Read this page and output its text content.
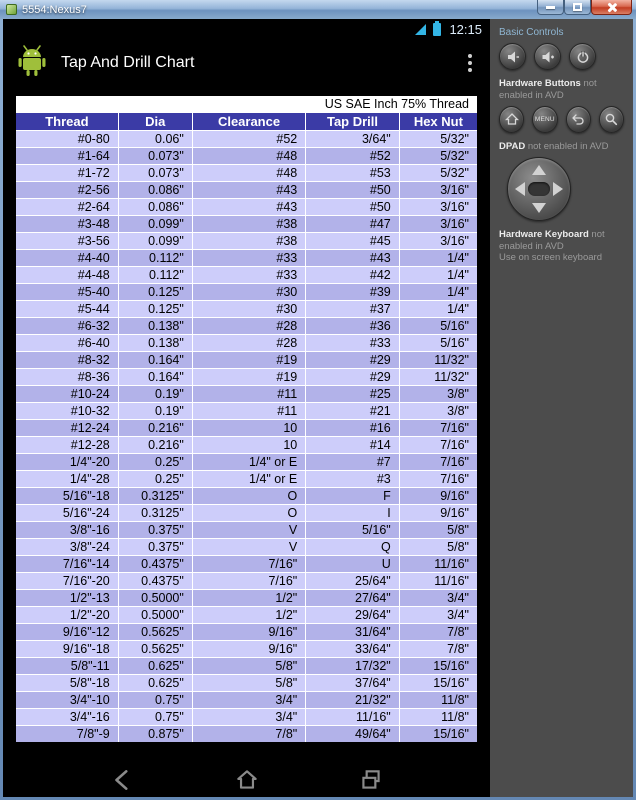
5554:Nexus7
12:15
Tap And Drill Chart
US SAE Inch 75% Thread				
Thread	Dia	Clearance	Tap Drill	Hex Nut
#0-80	0.06"	#52	3/64"	5/32"
#1-64	0.073"	#48	#52	5/32"
#1-72	0.073"	#48	#53	5/32"
#2-56	0.086"	#43	#50	3/16"
#2-64	0.086"	#43	#50	3/16"
#3-48	0.099"	#38	#47	3/16"
#3-56	0.099"	#38	#45	3/16"
#4-40	0.112"	#33	#43	1/4"
#4-48	0.112"	#33	#42	1/4"
#5-40	0.125"	#30	#39	1/4"
#5-44	0.125"	#30	#37	1/4"
#6-32	0.138"	#28	#36	5/16"
#6-40	0.138"	#28	#33	5/16"
#8-32	0.164"	#19	#29	11/32"
#8-36	0.164"	#19	#29	11/32"
#10-24	0.19"	#11	#25	3/8"
#10-32	0.19"	#11	#21	3/8"
#12-24	0.216"	10	#16	7/16"
#12-28	0.216"	10	#14	7/16"
1/4"-20	0.25"	1/4" or E	#7	7/16"
1/4"-28	0.25"	1/4" or E	#3	7/16"
5/16"-18	0.3125"	O	F	9/16"
5/16"-24	0.3125"	O	I	9/16"
3/8"-16	0.375"	V	5/16"	5/8"
3/8"-24	0.375"	V	Q	5/8"
7/16"-14	0.4375"	7/16"	U	11/16"
7/16"-20	0.4375"	7/16"	25/64"	11/16"
1/2"-13	0.5000"	1/2"	27/64"	3/4"
1/2"-20	0.5000"	1/2"	29/64"	3/4"
9/16"-12	0.5625"	9/16"	31/64"	7/8"
9/16"-18	0.5625"	9/16"	33/64"	7/8"
5/8"-11	0.625"	5/8"	17/32"	15/16"
5/8"-18	0.625"	5/8"	37/64"	15/16"
3/4"-10	0.75"	3/4"	21/32"	11/8"
3/4"-16	0.75"	3/4"	11/16"	11/8"
7/8"-9	0.875"	7/8"	49/64"	15/16"
Basic Controls
Hardware Buttons not enabled in AVD
MENU
DPAD not enabled in AVD
Hardware Keyboard not enabled in AVD
Use on screen keyboard
